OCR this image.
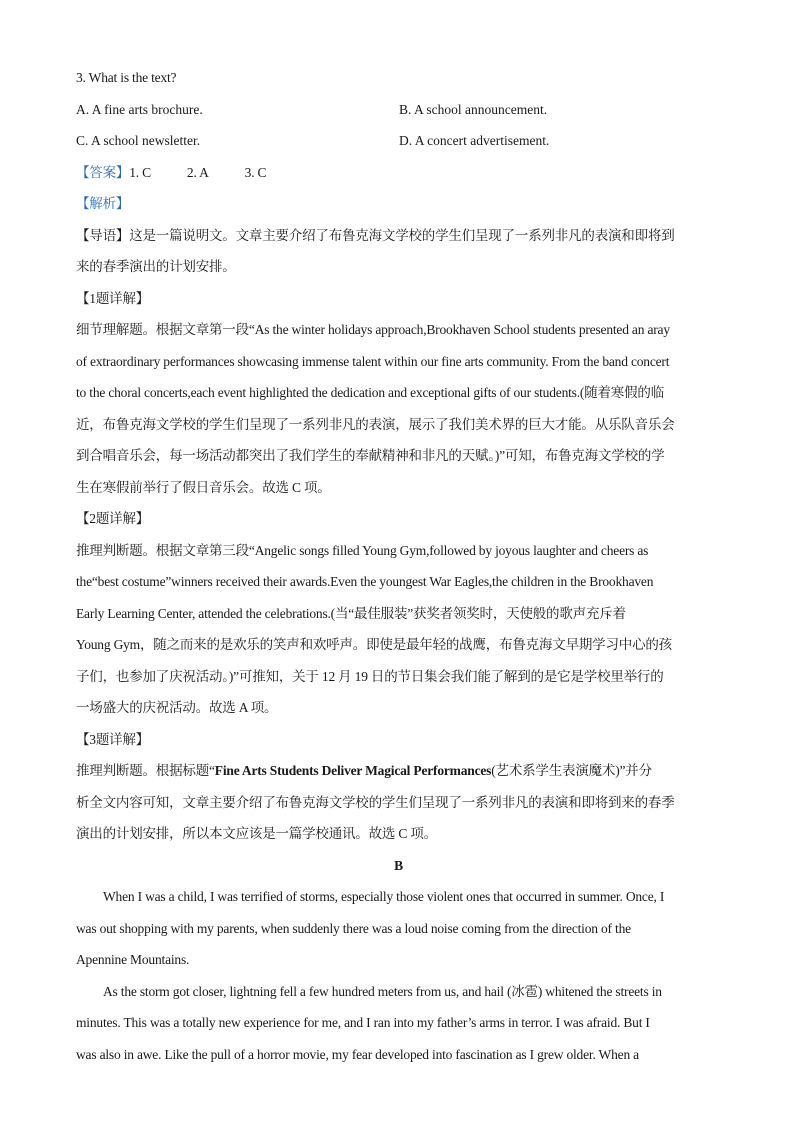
3. What is the text?
A. A fine arts brochure.	B. A school announcement.
C. A school newsletter.	D. A concert advertisement.
【答案】1. C	2. A	3. C
【解析】
【导语】这是一篇说明文。文章主要介绍了布鲁克海文学校的学生们呈现了一系列非凡的表演和即将到
来的春季演出的计划安排。
【1题详解】
细节理解题。根据文章第一段“As the winter holidays approach,Brookhaven School students presented an aray
of extraordinary performances showcasing immense talent within our fine arts community. From the band concert
to the choral concerts,each event highlighted the dedication and exceptional gifts of our students.(随着寒假的临
近，布鲁克海文学校的学生们呈现了一系列非凡的表演，展示了我们美术界的巨大才能。从乐队音乐会
到合唱音乐会，每一场活动都突出了我们学生的奉献精神和非凡的天赋。)”可知，布鲁克海文学校的学
生在寒假前举行了假日音乐会。故选 C 项。
【2题详解】
推理判断题。根据文章第三段“Angelic songs filled Young Gym,followed by joyous laughter and cheers as
the“best costume”winners received their awards.Even the youngest War Eagles,the children in the Brookhaven
Early Learning Center, attended the celebrations.(当“最佳服装”获奖者领奖时，天使般的歌声充斥着
Young Gym，随之而来的是欢乐的笑声和欢呼声。即使是最年轻的战鹰，布鲁克海文早期学习中心的孩
子们，也参加了庆祝活动。)”可推知，关于 12 月 19 日的节日集会我们能了解到的是它是学校里举行的
一场盛大的庆祝活动。故选 A 项。
【3题详解】
推理判断题。根据标题“Fine Arts Students Deliver Magical Performances(艺术系学生表演魔术)”并分
析全文内容可知，文章主要介绍了布鲁克海文学校的学生们呈现了一系列非凡的表演和即将到来的春季
演出的计划安排，所以本文应该是一篇学校通讯。故选 C 项。
B
When I was a child, I was terrified of storms, especially those violent ones that occurred in summer. Once, I
was out shopping with my parents, when suddenly there was a loud noise coming from the direction of the
Apennine Mountains.
As the storm got closer, lightning fell a few hundred meters from us, and hail (冰雹) whitened the streets in
minutes. This was a totally new experience for me, and I ran into my father’s arms in terror. I was afraid. But I
was also in awe. Like the pull of a horror movie, my fear developed into fascination as I grew older. When a
